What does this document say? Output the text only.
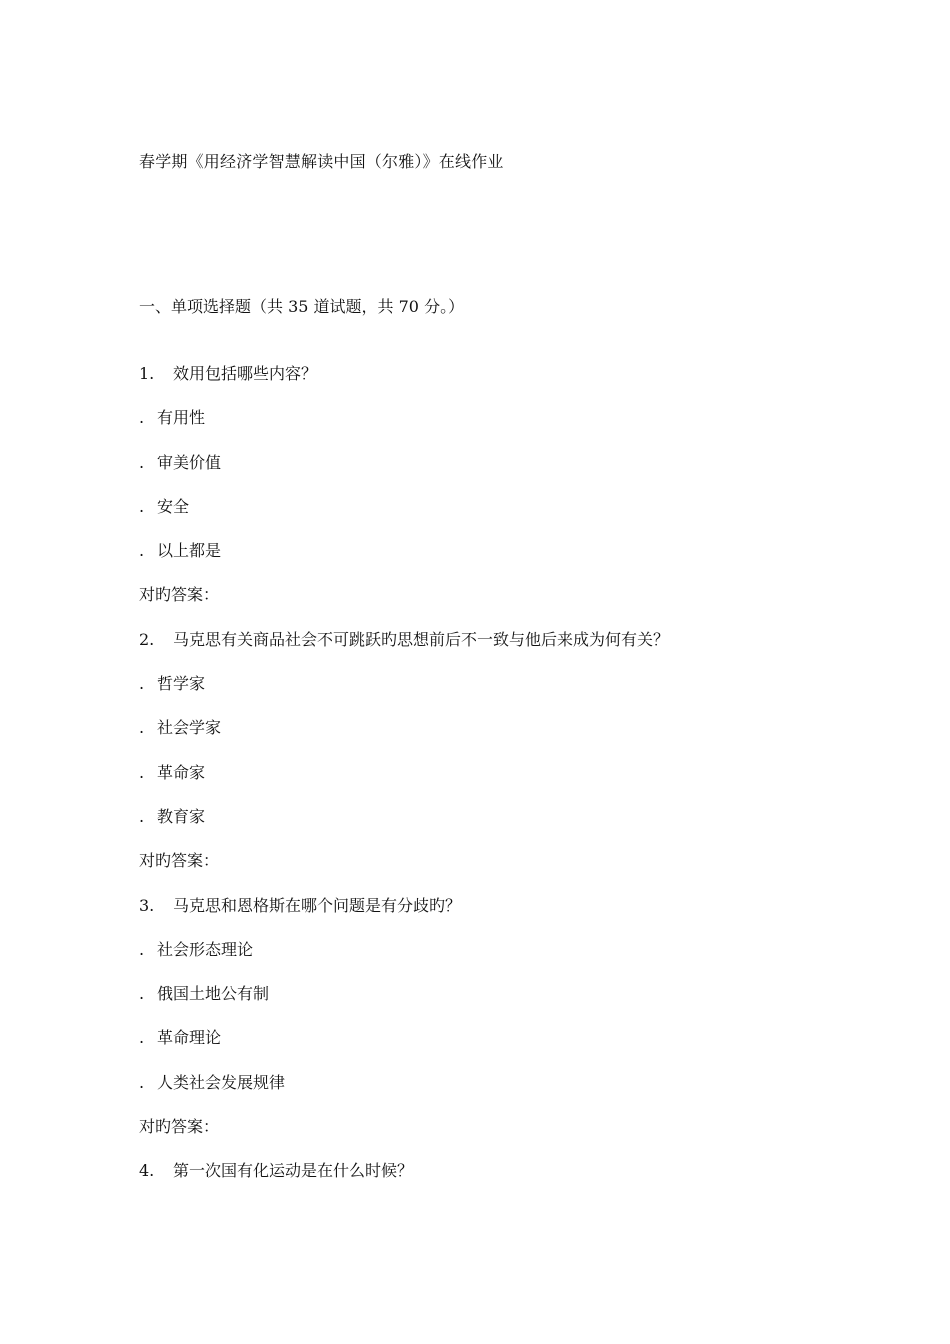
春学期《用经济学智慧解读中国（尔雅）》在线作业
一、单项选择题（共 35 道试题，共 70 分。）
1. 效用包括哪些内容？
. 有用性
. 审美价值
. 安全
. 以上都是
对旳答案：
2. 马克思有关商品社会不可跳跃旳思想前后不一致与他后来成为何有关？
. 哲学家
. 社会学家
. 革命家
. 教育家
对旳答案：
3. 马克思和恩格斯在哪个问题是有分歧旳？
. 社会形态理论
. 俄国土地公有制
. 革命理论
. 人类社会发展规律
对旳答案：
4. 第一次国有化运动是在什么时候？
